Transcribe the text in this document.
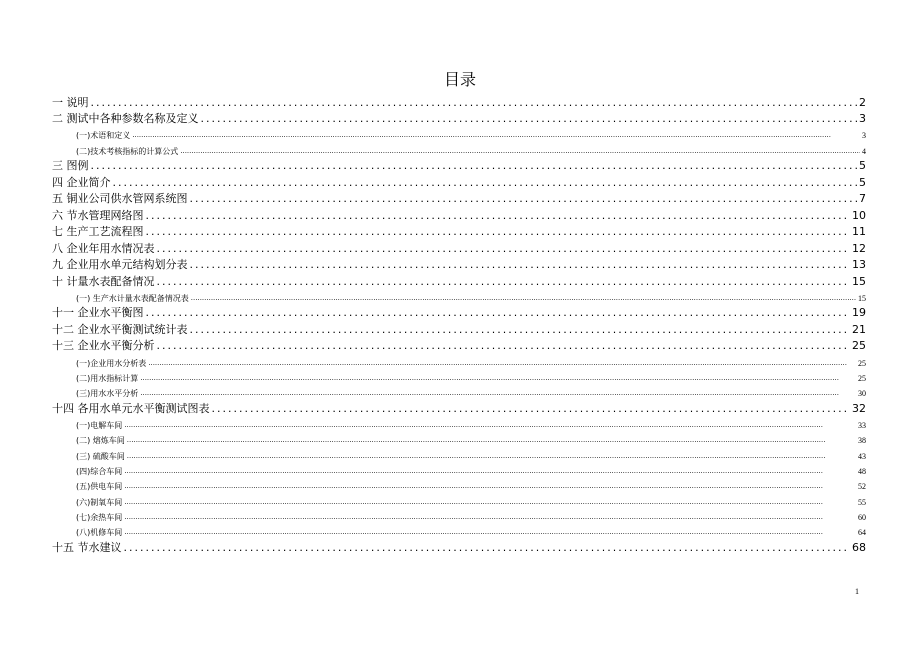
目录
一 说明 .....	2
二 测试中各种参数名称及定义 .....	3
(一)术语和定义 .....	3
(二)技术考核指标的计算公式 .....	4
三 图例 .....	5
四 企业简介 .....	5
五 铜业公司供水管网系统图 .....	7
六 节水管理网络图 .....	10
七 生产工艺流程图 .....	11
八 企业年用水情况表 .....	12
九 企业用水单元结构划分表 .....	13
十 计量水表配备情况 .....	15
(一) 生产水计量水表配备情况表 .....	15
十一 企业水平衡图 .....	19
十二 企业水平衡测试统计表 .....	21
十三 企业水平衡分析 .....	25
(一)企业用水分析表 .....	25
(二)用水指标计算 .....	25
(三)用水水平分析 .....	30
十四 各用水单元水平衡测试图表 .....	32
(一)电解车间 .....	33
(二) 熔炼车间 .....	38
(三) 硫酸车间 .....	43
(四)综合车间 .....	48
(五)供电车间 .....	52
(六)制氧车间 .....	55
(七)余热车间 .....	60
(八)机修车间 .....	64
十五 节水建议 .....	68
1
